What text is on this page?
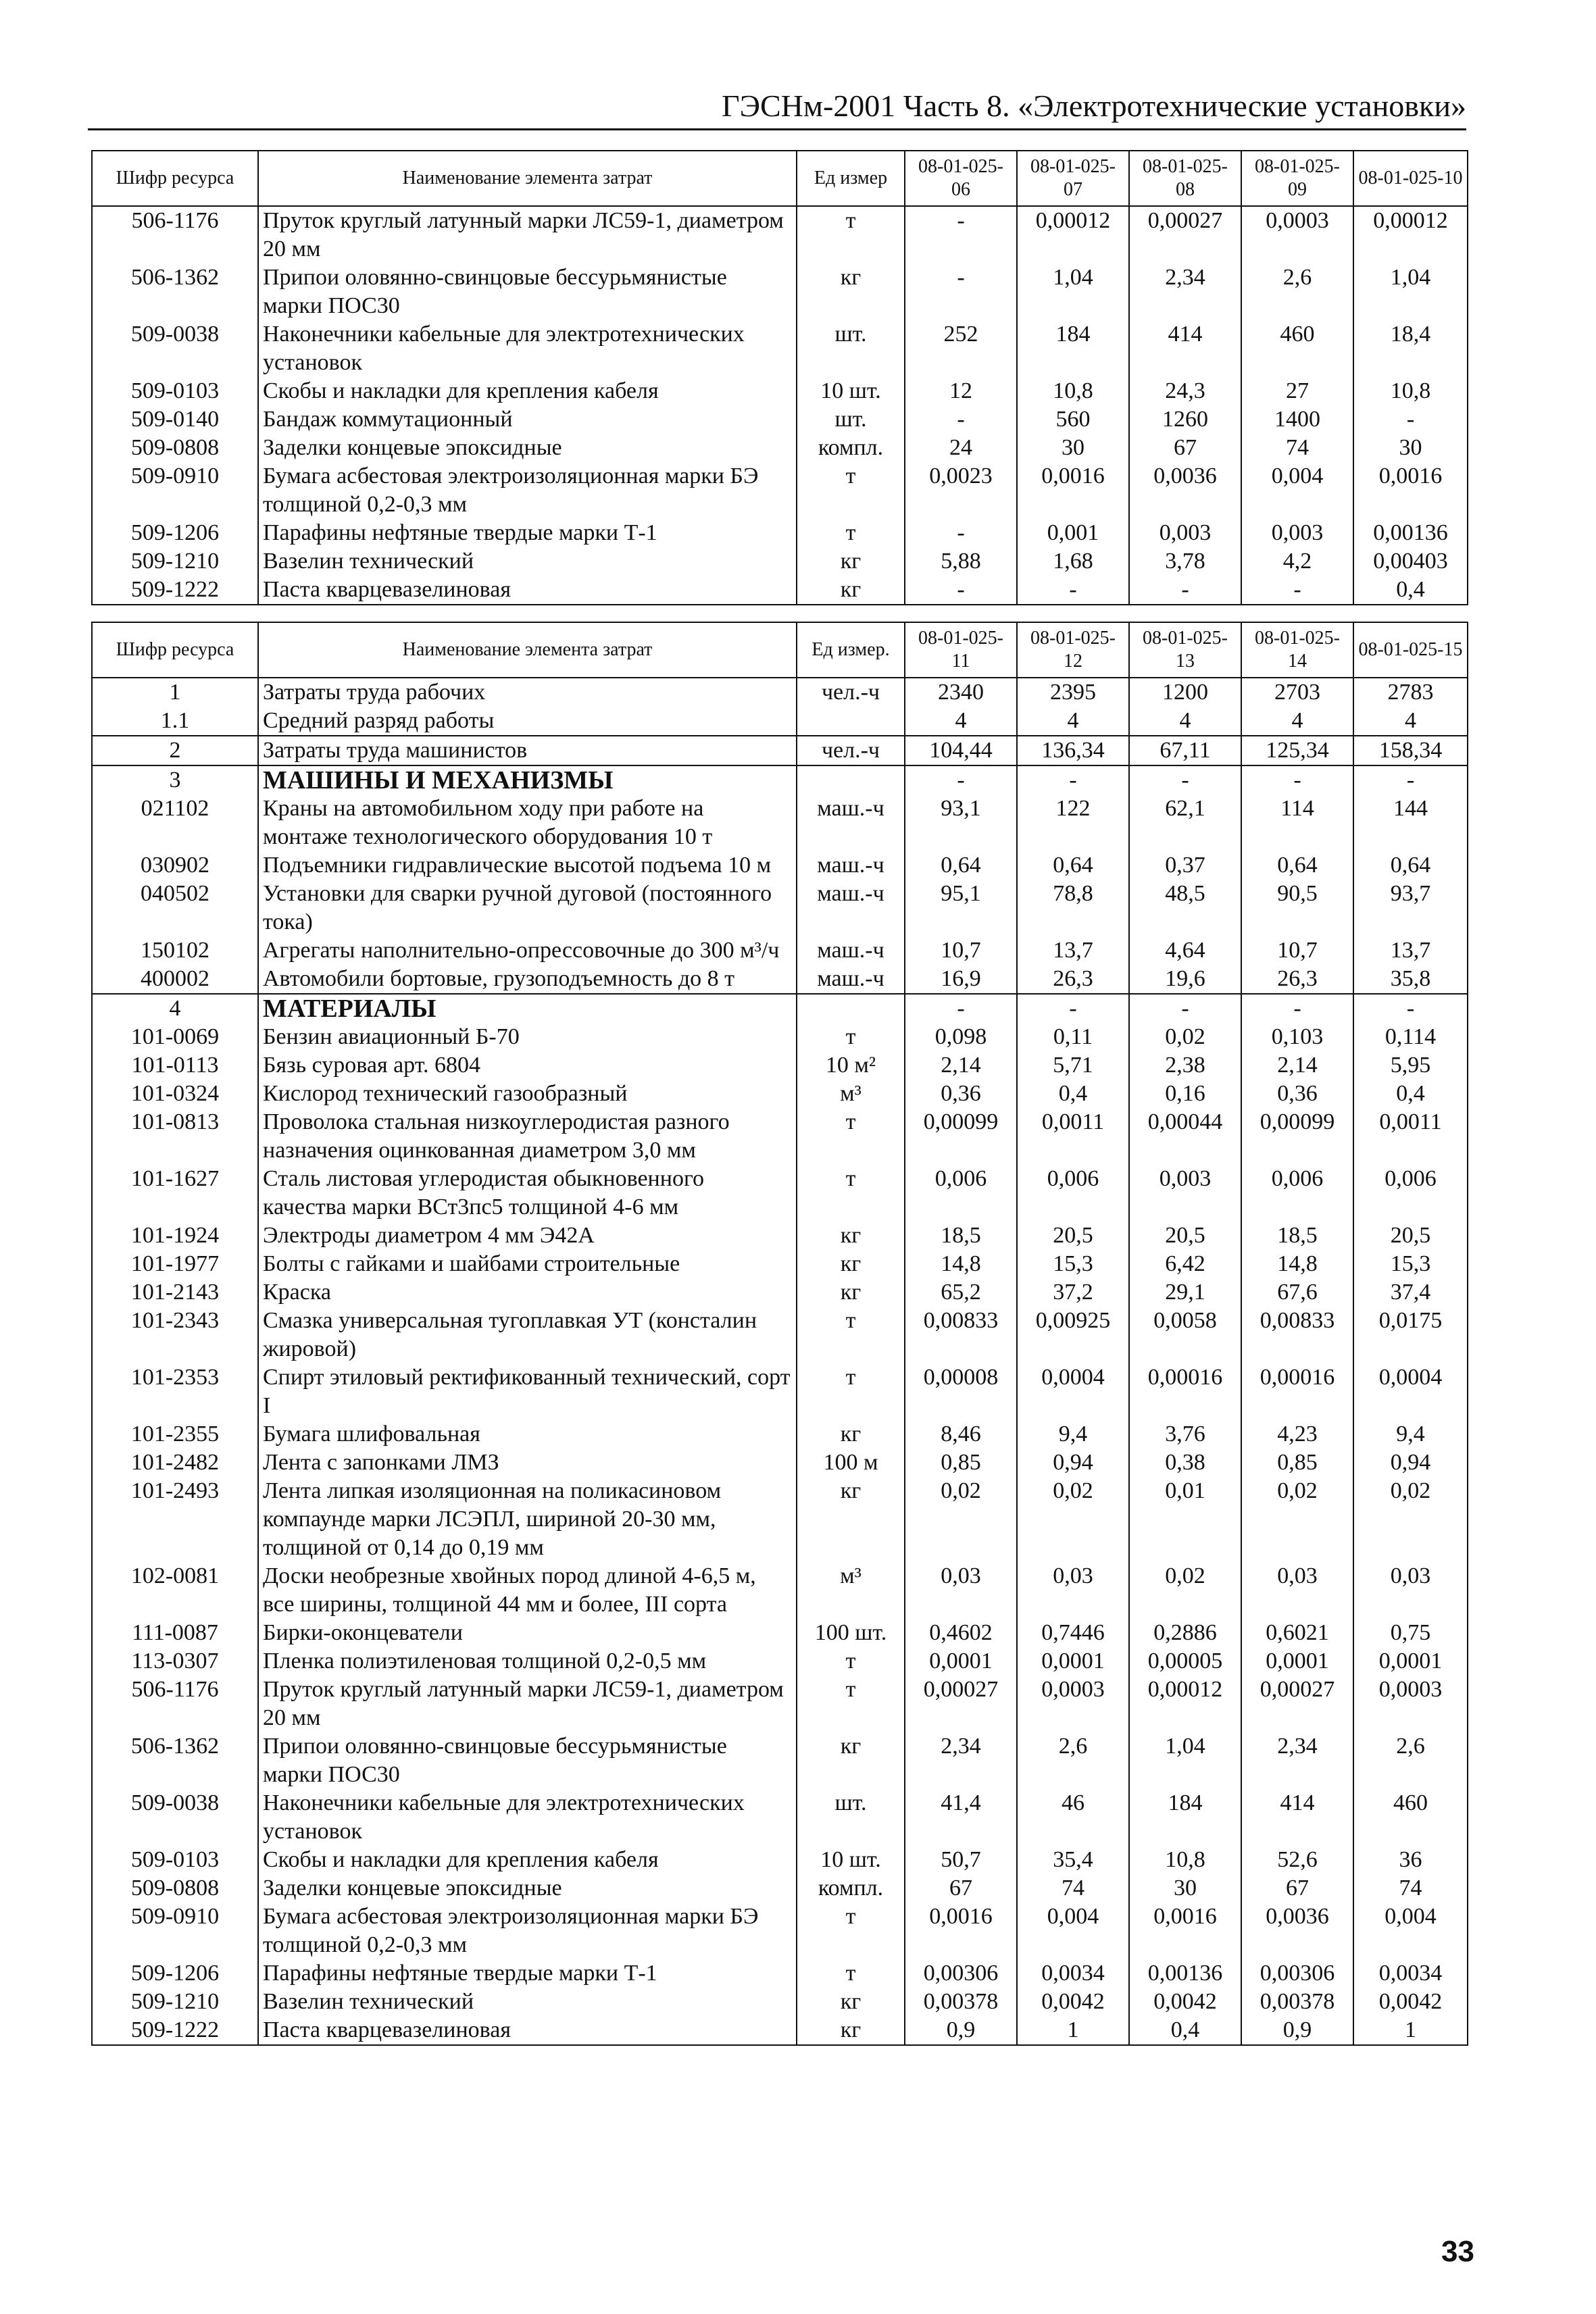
ГЭСНм-2001 Часть 8. «Электротехнические установки»
Шифр ресурса	Наименование элемента затрат	Ед измер	08-01-025-06	08-01-025-07	08-01-025-08	08-01-025-09	08-01-025-10
506-1176	Пруток круглый латунный марки ЛС59-1, диаметром 20 мм	т	-	0,00012	0,00027	0,0003	0,00012
506-1362	Припои оловянно-свинцовые бессурьмянистые марки ПОС30	кг	-	1,04	2,34	2,6	1,04
509-0038	Наконечники кабельные для электротехнических установок	шт.	252	184	414	460	18,4
509-0103	Скобы и накладки для крепления кабеля	10 шт.	12	10,8	24,3	27	10,8
509-0140	Бандаж коммутационный	шт.	-	560	1260	1400	-
509-0808	Заделки концевые эпоксидные	компл.	24	30	67	74	30
509-0910	Бумага асбестовая электроизоляционная марки БЭ толщиной 0,2-0,3 мм	т	0,0023	0,0016	0,0036	0,004	0,0016
509-1206	Парафины нефтяные твердые марки Т-1	т	-	0,001	0,003	0,003	0,00136
509-1210	Вазелин технический	кг	5,88	1,68	3,78	4,2	0,00403
509-1222	Паста кварцевазелиновая	кг	-	-	-	-	0,4
Шифр ресурса	Наименование элемента затрат	Ед измер.	08-01-025-11	08-01-025-12	08-01-025-13	08-01-025-14	08-01-025-15
1	Затраты труда рабочих	чел.-ч	2340	2395	1200	2703	2783
1.1	Средний разряд работы		4	4	4	4	4
2	Затраты труда машинистов	чел.-ч	104,44	136,34	67,11	125,34	158,34
3	МАШИНЫ И МЕХАНИЗМЫ		-	-	-	-	-
021102	Краны на автомобильном ходу при работе на монтаже технологического оборудования 10 т	маш.-ч	93,1	122	62,1	114	144
030902	Подъемники гидравлические высотой подъема 10 м	маш.-ч	0,64	0,64	0,37	0,64	0,64
040502	Установки для сварки ручной дуговой (постоянного тока)	маш.-ч	95,1	78,8	48,5	90,5	93,7
150102	Агрегаты наполнительно-опрессовочные до 300 м³/ч	маш.-ч	10,7	13,7	4,64	10,7	13,7
400002	Автомобили бортовые, грузоподъемность до 8 т	маш.-ч	16,9	26,3	19,6	26,3	35,8
4	МАТЕРИАЛЫ		-	-	-	-	-
101-0069	Бензин авиационный Б-70	т	0,098	0,11	0,02	0,103	0,114
101-0113	Бязь суровая арт. 6804	10 м²	2,14	5,71	2,38	2,14	5,95
101-0324	Кислород технический газообразный	м³	0,36	0,4	0,16	0,36	0,4
101-0813	Проволока стальная низкоуглеродистая разного назначения оцинкованная диаметром 3,0 мм	т	0,00099	0,0011	0,00044	0,00099	0,0011
101-1627	Сталь листовая углеродистая обыкновенного качества марки ВСт3пс5 толщиной 4-6 мм	т	0,006	0,006	0,003	0,006	0,006
101-1924	Электроды диаметром 4 мм Э42А	кг	18,5	20,5	20,5	18,5	20,5
101-1977	Болты с гайками и шайбами строительные	кг	14,8	15,3	6,42	14,8	15,3
101-2143	Краска	кг	65,2	37,2	29,1	67,6	37,4
101-2343	Смазка универсальная тугоплавкая УТ (консталин жировой)	т	0,00833	0,00925	0,0058	0,00833	0,0175
101-2353	Спирт этиловый ректификованный технический, сорт I	т	0,00008	0,0004	0,00016	0,00016	0,0004
101-2355	Бумага шлифовальная	кг	8,46	9,4	3,76	4,23	9,4
101-2482	Лента с запонками ЛМЗ	100 м	0,85	0,94	0,38	0,85	0,94
101-2493	Лента липкая изоляционная на поликасиновом компаунде марки ЛСЭПЛ, шириной 20-30 мм, толщиной от 0,14 до 0,19 мм	кг	0,02	0,02	0,01	0,02	0,02
102-0081	Доски необрезные хвойных пород длиной 4-6,5 м, все ширины, толщиной 44 мм и более, III сорта	м³	0,03	0,03	0,02	0,03	0,03
111-0087	Бирки-оконцеватели	100 шт.	0,4602	0,7446	0,2886	0,6021	0,75
113-0307	Пленка полиэтиленовая толщиной 0,2-0,5 мм	т	0,0001	0,0001	0,00005	0,0001	0,0001
506-1176	Пруток круглый латунный марки ЛС59-1, диаметром 20 мм	т	0,00027	0,0003	0,00012	0,00027	0,0003
506-1362	Припои оловянно-свинцовые бессурьмянистые марки ПОС30	кг	2,34	2,6	1,04	2,34	2,6
509-0038	Наконечники кабельные для электротехнических установок	шт.	41,4	46	184	414	460
509-0103	Скобы и накладки для крепления кабеля	10 шт.	50,7	35,4	10,8	52,6	36
509-0808	Заделки концевые эпоксидные	компл.	67	74	30	67	74
509-0910	Бумага асбестовая электроизоляционная марки БЭ толщиной 0,2-0,3 мм	т	0,0016	0,004	0,0016	0,0036	0,004
509-1206	Парафины нефтяные твердые марки Т-1	т	0,00306	0,0034	0,00136	0,00306	0,0034
509-1210	Вазелин технический	кг	0,00378	0,0042	0,0042	0,00378	0,0042
509-1222	Паста кварцевазелиновая	кг	0,9	1	0,4	0,9	1
33
